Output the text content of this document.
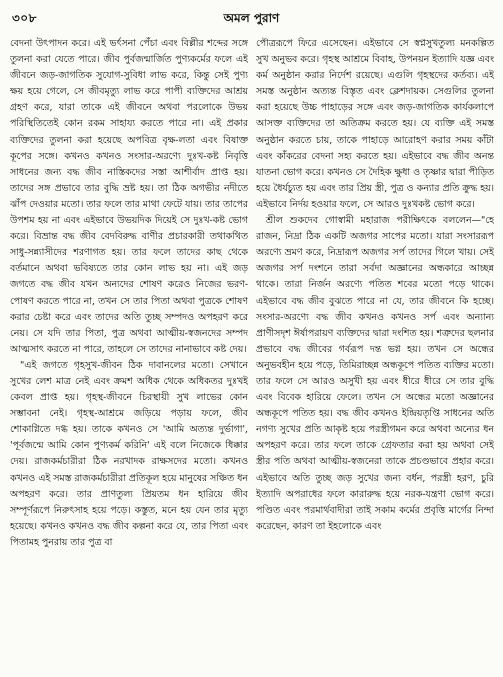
৩০৮	অমল পুরাণ

বেদনা উৎপাদন করে। এই ভর্ৎসনা পেঁচা এবং বিল্লীর শব্দের সঙ্গে তুলনা করা যেতে পারে। জীব পুর্বজন্মার্জিত পুণ্যকর্মের ফলে এই জীবনে জড়-জাগতিক সুযোগ-সুবিধা লাভ করে, কিন্তু সেই পুণ্য ক্ষয় হয়ে গেলে, সে জীবমৃত্যু লাভ করে পাপী ব্যক্তিদের আশ্রয় গ্রহণ করে, যারা তাকে এই জীবনে অথবা পরলোকে উভয় পরিস্থিতিতেই কোন রকম সাহায্য করতে পারে না। এই প্রকার ব্যক্তিদের তুলনা করা হয়েছে অপবিত্র বৃক্ষ-লতা এবং বিষাক্ত কূপের সঙ্গে। কখনও কখনও সংসার-অরণ্যে দুঃখ-কষ্ট নিবৃত্তি সাধনের জন্য বদ্ধ জীব নাস্তিকদের সস্তা আশীর্বাদ প্রাপ্ত হয়। তাদের সঙ্গ প্রভাবে তার বুদ্ধি ভ্রষ্ট হয়। তা ঠিক অগভীর নদীতে ঝাঁপ দেওয়ার মতো। তার ফলে তার মাথা ফেটে যায়। তার তাপের উপশম হয় না এবং এইভাবে উভয়দিক দিয়েই সে দুঃখ-কষ্ট ভোগ করে। বিভ্রান্ত বদ্ধ জীব বেদবিরুদ্ধ বাণীর প্রচারকারী তথাকথিত সাধু-সন্ন্যাসীদের শরণাগত হয়। তার ফলে তাদের কাছ থেকে বর্তমানে অথবা ভবিষ্যতে তার কোন লাভ হয় না। এই জড় জগতে বদ্ধ জীব যখন অন্যদের শোষণ করেও নিজের ভরণ-পোষণ করতে পারে না, তখন সে তার পিতা অথবা পুত্রকে শোষণ করার চেষ্টা করে এবং তাদের অতি তুচ্ছ সম্পদও অপহরণ করে নেয়। সে যদি তার পিতা, পুত্র অথবা আত্মীয়-স্বজনদের সম্পদ আত্মসাৎ করতে না পারে, তাহলে সে তাদের নানাভাবে কষ্ট দেয়।

"এই জগতে গৃহসুখ-জীবন ঠিক দাবানলের মতো। সেখানে সুখের লেশ মাত্র নেই এবং ক্রমশ অধিক থেকে অধিকতর দুঃখই কেবল প্রাপ্ত হয়। গৃহস্থ-জীবনে চিরস্থায়ী সুখ লাভের কোন সম্ভাবনা নেই। গৃহস্থ-আশ্রমে জড়িয়ে পড়ায় ফলে, জীব শোকাগ্নিতে দগ্ধ হয়। তাকে কখনও সে 'আমি অত্যন্ত দুর্ভাগা', 'পূর্বজন্মে আমি কোন পুণ্যকর্ম করিনি' এই বলে নিজেকে ধিক্কার দেয়। রাজকর্মচারীরা ঠিক নরখাদক রাক্ষসদের মতো। কখনও কখনও এই সমস্ত রাজকর্মচারীরা প্রতিকূল হয়ে মানুষের সঞ্চিত ধন অপহরণ করে। তার প্রাণতুল্য প্রিয়তম ধন হারিয়ে জীব সম্পূর্ণরূপে নিরুৎসাহ হয়ে পড়ে। কস্তুত, মনে হয় যেন তার মৃত্যু হয়েছে। কখনও কখনও বদ্ধ জীব কল্পনা করে যে, তার পিতা এবং পিতামহ পুনরায় তার পুত্র বা

পৌত্ররূপে ফিরে এসেছেন। এইভাবে সে স্বপ্নসুখতুল্য মনকল্পিত সুখ অনুভব করে। গৃহস্থ আশ্রমে বিবাহ, উপনয়ন ইত্যাদি যজ্ঞ এবং কর্ম অনুষ্ঠান করার নির্দেশ রয়েছে। এগুলি গৃহস্থদের কর্তব্য। এই সমস্ত অনুষ্ঠান অত্যন্ত বিস্তৃত এবং ক্লেশদায়ক। সেগুলির তুলনা করা হয়েছে উচ্চ পাহাড়ের সঙ্গে এবং জড়-জাগতিক কার্যকলাপে আসক্ত ব্যক্তিদের তা অতিক্রম করতে হয়। যে ব্যক্তি এই সমস্ত অনুষ্ঠান করতে চায়, তাকে পাহাড়ে আরোহণ করার সময় কাঁটা এবং কাঁকরের বেদনা সহ্য করতে হয়। এইভাবে বদ্ধ জীব অনন্ত যাতনা ভোগ করে। কখনও সে দৈহিক ক্ষুধা ও তৃষ্ণার দ্বারা পীড়িত হয়ে ধৈর্যচ্যুত হয় এবং তার প্রিয় স্ত্রী, পুত্র ও কন্যার প্রতি ক্রুদ্ধ হয়। এইভাবে নির্দয় হওয়ার ফলে, সে আরও দুঃখকষ্ট ভোগ করে।

শ্রীল শুকদেব গোস্বামী মহারাজ পরীক্ষিৎকে বললেন—"হে রাজন, নিদ্রা ঠিক একটি অজগর সাপের মতো। যারা সংসাররূপ অরণ্যে ভ্রমণ করে, নিদ্রারূপ অজগর সর্প তাদের গিলে খায়। সেই অজগর সর্প দংশনে তারা সর্বদা অজ্ঞানের অন্ধকারে আচ্ছন্ন থাকে। তারা নির্জন অরণ্যে পতিত শবের মতো পড়ে থাকে। এইভাবে বদ্ধ জীব বুঝতে পারে না যে, তার জীবনে কি হচ্ছে। সংসার-অরণ্যে বদ্ধ জীব কখনও কখনও সর্প এবং অন্যান্য প্রাণীসদৃশ ঈর্ষাপরায়ণ ব্যক্তিদের দ্বারা দংশিত হয়। শত্রুদের ছলনার প্রভাবে বদ্ধ জীবের গর্বরূপ দন্ত ভগ্ন হয়। তখন সে অন্ধের অনুভবহীন হয়ে পড়ে, তিমিরাচ্ছন্ন অন্ধকূপে পতিত ব্যক্তির মতো। তার ফলে সে আরও অসুখী হয় এবং ধীরে ধীরে সে তার বুদ্ধি এবং বিবেক হারিয়ে ফেলে। তখন সে অন্ধের মতো অজ্ঞানের অন্ধকূপে পতিত হয়। বদ্ধ জীব কখনও ইন্দ্রিয়তৃপ্তি সাধনের অতি নগণ্য সুখের প্রতি আকৃষ্ট হয়ে পরস্ত্রীগমন করে অথবা অন্যের ধন অপহরণ করে। তার ফলে তাকে গ্রেফতার করা হয় অথবা সেই স্ত্রীর পতি অথবা আত্মীয়-স্বজনেরা তাকে প্রচণ্ডভাবে প্রহার করে। এইভাবে অতি তুচ্ছ জড় সুখের জন্য বর্ধন, পরস্ত্রী হরণ, চুরি ইত্যাদি অপরাধের ফলে কারারুদ্ধ হয়ে নরক-যন্ত্রণা ভোগ করে। পণ্ডিত এবং পরমার্থবাদীরা তাই সকাম কর্মের প্রবৃত্তি মার্গের নিন্দা করেছেন, কারণ তা ইহলোকে এবং
